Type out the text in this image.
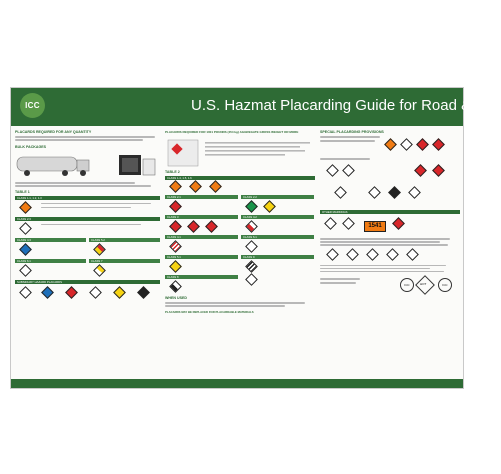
ICC	U.S. Hazmat Placarding Guide for Road & Rail
PLACARDS REQUIRED FOR ANY QUANTITY
BULK PACKAGES
TABLE 1
CLASS 1.1, 1.2, 1.3
CLASS 2.3
CLASS 4.3
CLASS 6.1
CLASS 5.2
CLASS 7
SUBSIDIARY HAZARD PLACARDS
PLACARDS REQUIRED FOR 1001 POUNDS (454 kg) AGGREGATE GROSS WEIGHT OR MORE
TABLE 2
CLASS 1.4, 1.5, 1.6
CLASS 2.1
CLASS 3
CLASS 4.1
CLASS 5.1
CLASS 8
CLASS 2.2
CLASS 4.2
CLASS 6.1
CLASS 9
WHEN USED
PLACARDS MAY BE REPLACED FOR PLACARDABLE MATERIALS
SPECIAL PLACARDING PROVISIONS
OTHER MARKINGS
1541
ICC	HOT	ICC
